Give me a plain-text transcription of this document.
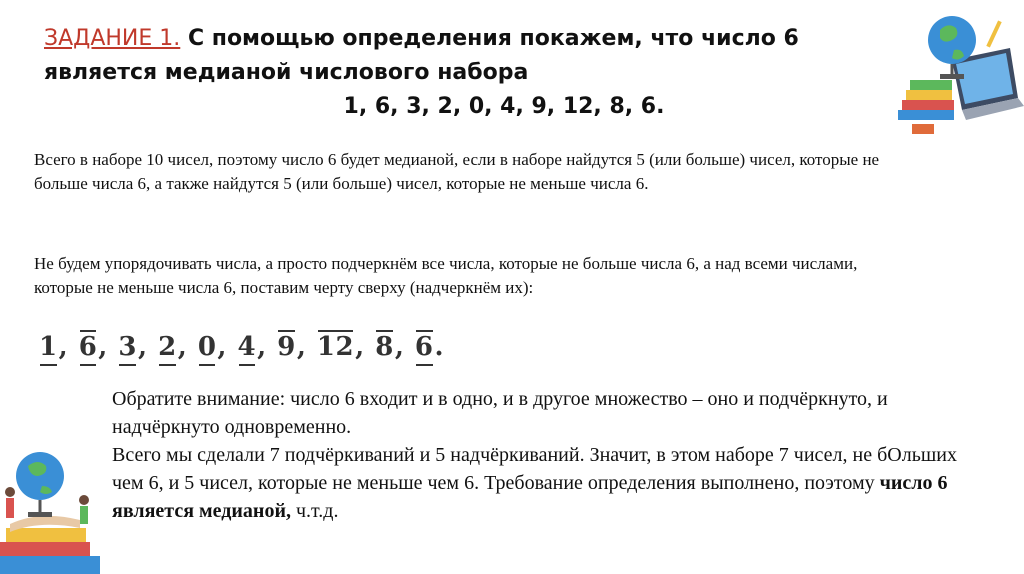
ЗАДАНИЕ 1. С помощью определения покажем, что число 6 является медианой числового набора
1, 6, 3, 2, 0, 4, 9, 12, 8, 6.
Всего в наборе 10 чисел, поэтому число 6 будет медианой, если в наборе найдутся 5 (или больше) чисел, которые не больше числа 6, а также найдутся 5 (или больше) чисел, которые не меньше числа 6.
Не будем упорядочивать числа, а просто подчеркнём все числа, которые не больше числа 6, а над всеми числами, которые не меньше числа 6, поставим черту сверху (надчеркнём их):
1, 6, 3, 2, 0, 4, 9, 12, 8, 6.
Обратите внимание: число 6 входит и в одно, и в другое множество – оно и подчёркнуто, и надчёркнуто одновременно.
Всего мы сделали 7 подчёркиваний и 5 надчёркиваний. Значит, в этом наборе 7 чисел, не бОльших чем 6, и 5 чисел, которые не меньше чем 6. Требование определения выполнено, поэтому число 6 является медианой, ч.т.д.
